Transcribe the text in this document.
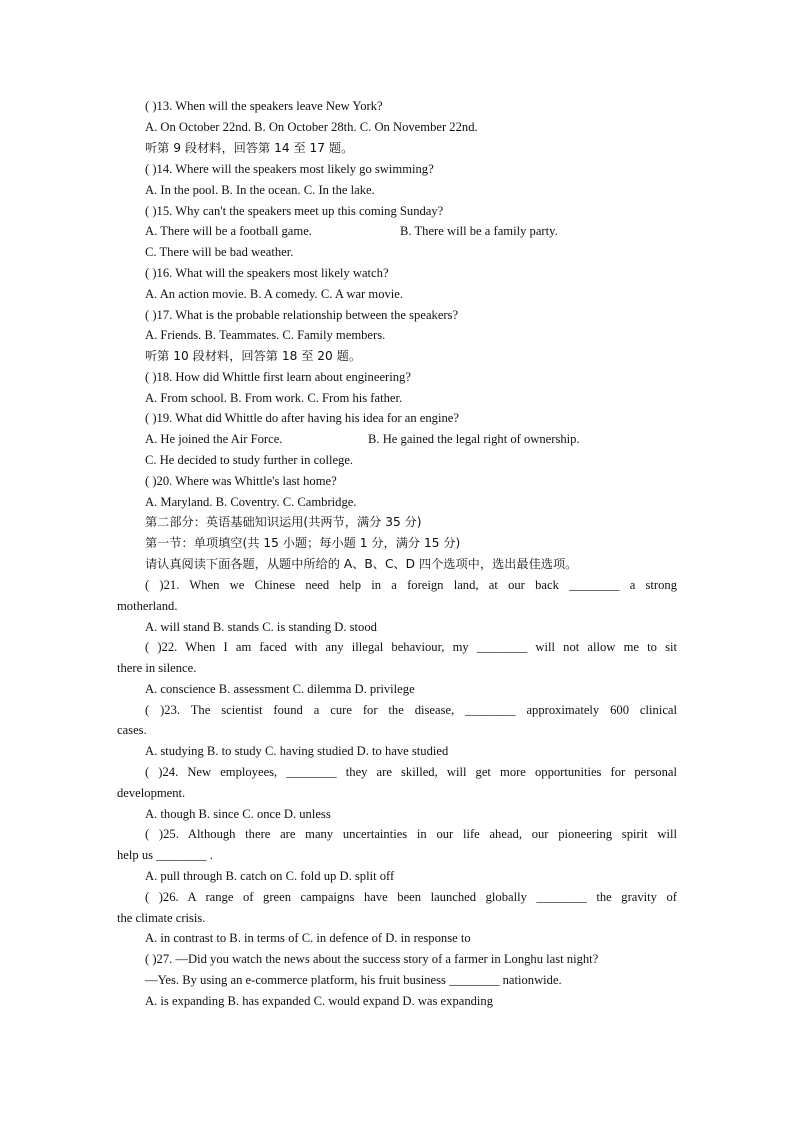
( )13. When will the speakers leave New York?
A. On October 22nd. B. On October 28th. C. On November 22nd.
听第 9 段材料，回答第 14 至 17 题。
( )14. Where will the speakers most likely go swimming?
A. In the pool. B. In the ocean. C. In the lake.
( )15. Why can't the speakers meet up this coming Sunday?
A. There will be a football game.	B. There will be a family party.
C. There will be bad weather.
( )16. What will the speakers most likely watch?
A. An action movie. B. A comedy. C. A war movie.
( )17. What is the probable relationship between the speakers?
A. Friends. B. Teammates. C. Family members.
听第 10 段材料，回答第 18 至 20 题。
( )18. How did Whittle first learn about engineering?
A. From school. B. From work. C. From his father.
( )19. What did Whittle do after having his idea for an engine?
A. He joined the Air Force.	B. He gained the legal right of ownership.
C. He decided to study further in college.
( )20. Where was Whittle's last home?
A. Maryland. B. Coventry. C. Cambridge.
第二部分：英语基础知识运用(共两节，满分 35 分)
第一节：单项填空(共 15 小题；每小题 1 分，满分 15 分)
请认真阅读下面各题，从题中所给的 A、B、C、D 四个选项中，选出最佳选项。
( )21. When we Chinese need help in a foreign land, at our back ________ a strong
motherland.
A. will stand B. stands C. is standing D. stood
( )22. When I am faced with any illegal behaviour, my ________ will not allow me to sit
there in silence.
A. conscience B. assessment C. dilemma D. privilege
( )23. The scientist found a cure for the disease, ________ approximately 600 clinical
cases.
A. studying B. to study C. having studied D. to have studied
( )24. New employees, ________ they are skilled, will get more opportunities for personal
development.
A. though B. since C. once D. unless
( )25. Although there are many uncertainties in our life ahead, our pioneering spirit will
help us ________ .
A. pull through B. catch on C. fold up D. split off
( )26. A range of green campaigns have been launched globally ________ the gravity of
the climate crisis.
A. in contrast to B. in terms of C. in defence of D. in response to
( )27. —Did you watch the news about the success story of a farmer in Longhu last night?
—Yes. By using an e-commerce platform, his fruit business ________ nationwide.
A. is expanding B. has expanded C. would expand D. was expanding
